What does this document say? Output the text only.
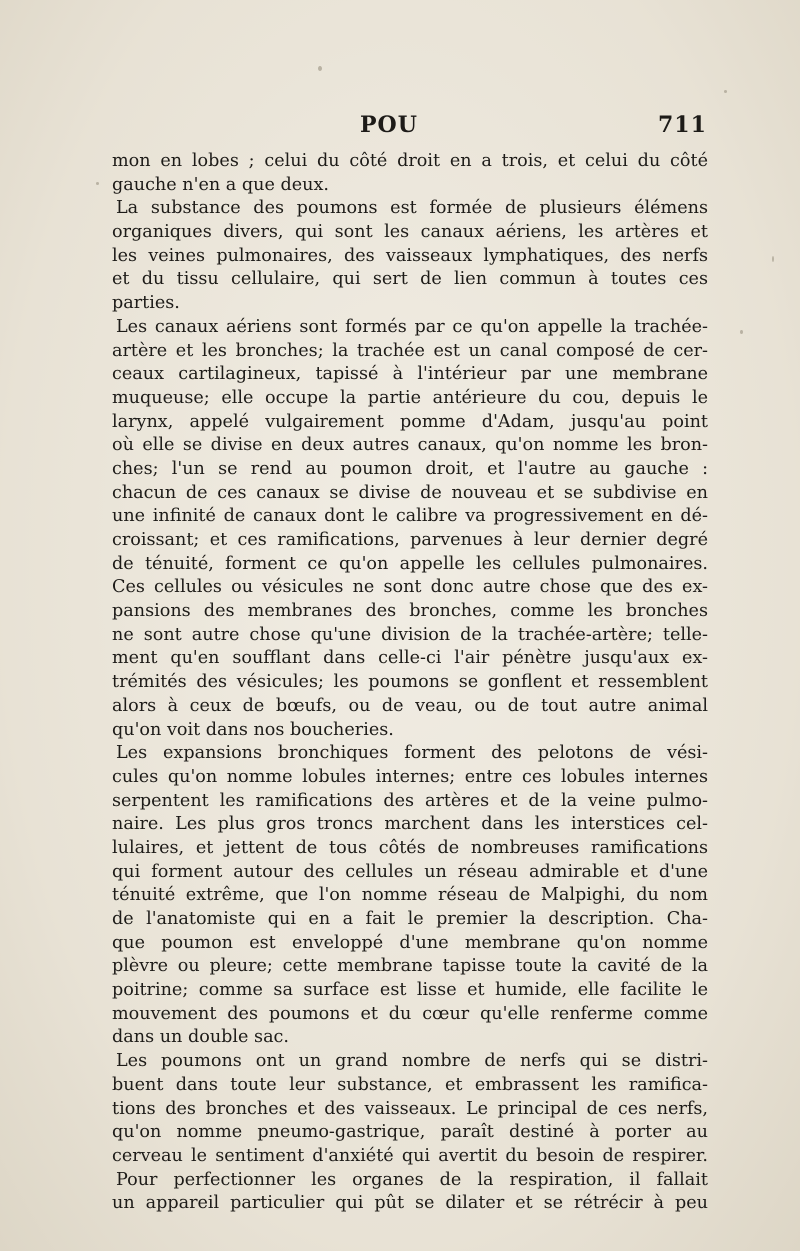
POU	711
mon en lobes ; celui du côté droit en a trois, et celui du côté
gauche n'en a que deux.
La substance des poumons est formée de plusieurs élémens
organiques divers, qui sont les canaux aériens, les artères et
les veines pulmonaires, des vaisseaux lymphatiques, des nerfs
et du tissu cellulaire, qui sert de lien commun à toutes ces
parties.
Les canaux aériens sont formés par ce qu'on appelle la trachée-
artère et les bronches; la trachée est un canal composé de cer-
ceaux cartilagineux, tapissé à l'intérieur par une membrane
muqueuse; elle occupe la partie antérieure du cou, depuis le
larynx, appelé vulgairement pomme d'Adam, jusqu'au point
où elle se divise en deux autres canaux, qu'on nomme les bron-
ches; l'un se rend au poumon droit, et l'autre au gauche :
chacun de ces canaux se divise de nouveau et se subdivise en
une infinité de canaux dont le calibre va progressivement en dé-
croissant; et ces ramifications, parvenues à leur dernier degré
de ténuité, forment ce qu'on appelle les cellules pulmonaires.
Ces cellules ou vésicules ne sont donc autre chose que des ex-
pansions des membranes des bronches, comme les bronches
ne sont autre chose qu'une division de la trachée-artère; telle-
ment qu'en soufflant dans celle-ci l'air pénètre jusqu'aux ex-
trémités des vésicules; les poumons se gonflent et ressemblent
alors à ceux de bœufs, ou de veau, ou de tout autre animal
qu'on voit dans nos boucheries.
Les expansions bronchiques forment des pelotons de vési-
cules qu'on nomme lobules internes; entre ces lobules internes
serpentent les ramifications des artères et de la veine pulmo-
naire. Les plus gros troncs marchent dans les interstices cel-
lulaires, et jettent de tous côtés de nombreuses ramifications
qui forment autour des cellules un réseau admirable et d'une
ténuité extrême, que l'on nomme réseau de Malpighi, du nom
de l'anatomiste qui en a fait le premier la description. Cha-
que poumon est enveloppé d'une membrane qu'on nomme
plèvre ou pleure; cette membrane tapisse toute la cavité de la
poitrine; comme sa surface est lisse et humide, elle facilite le
mouvement des poumons et du cœur qu'elle renferme comme
dans un double sac.
Les poumons ont un grand nombre de nerfs qui se distri-
buent dans toute leur substance, et embrassent les ramifica-
tions des bronches et des vaisseaux. Le principal de ces nerfs,
qu'on nomme pneumo-gastrique, paraît destiné à porter au
cerveau le sentiment d'anxiété qui avertit du besoin de respirer.
Pour perfectionner les organes de la respiration, il fallait
un appareil particulier qui pût se dilater et se rétrécir à peu
